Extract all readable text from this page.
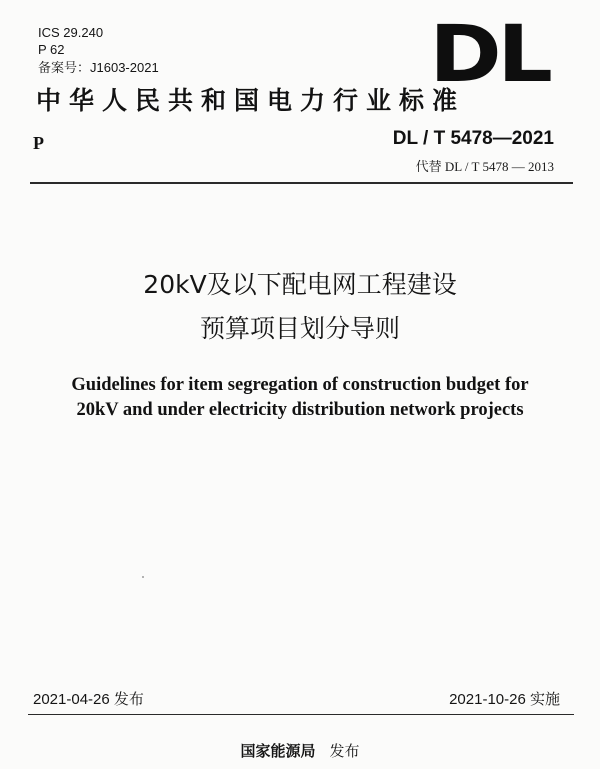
ICS 29.240
P 62
备案号：J1603-2021	DL
中华人民共和国电力行业标准
P	DL / T 5478—2021
代替 DL / T 5478 — 2013
20kV及以下配电网工程建设
预算项目划分导则
Guidelines for item segregation of construction budget for
20kV and under electricity distribution network projects
2021-04-26 发布	2021-10-26 实施
国家能源局 发布
